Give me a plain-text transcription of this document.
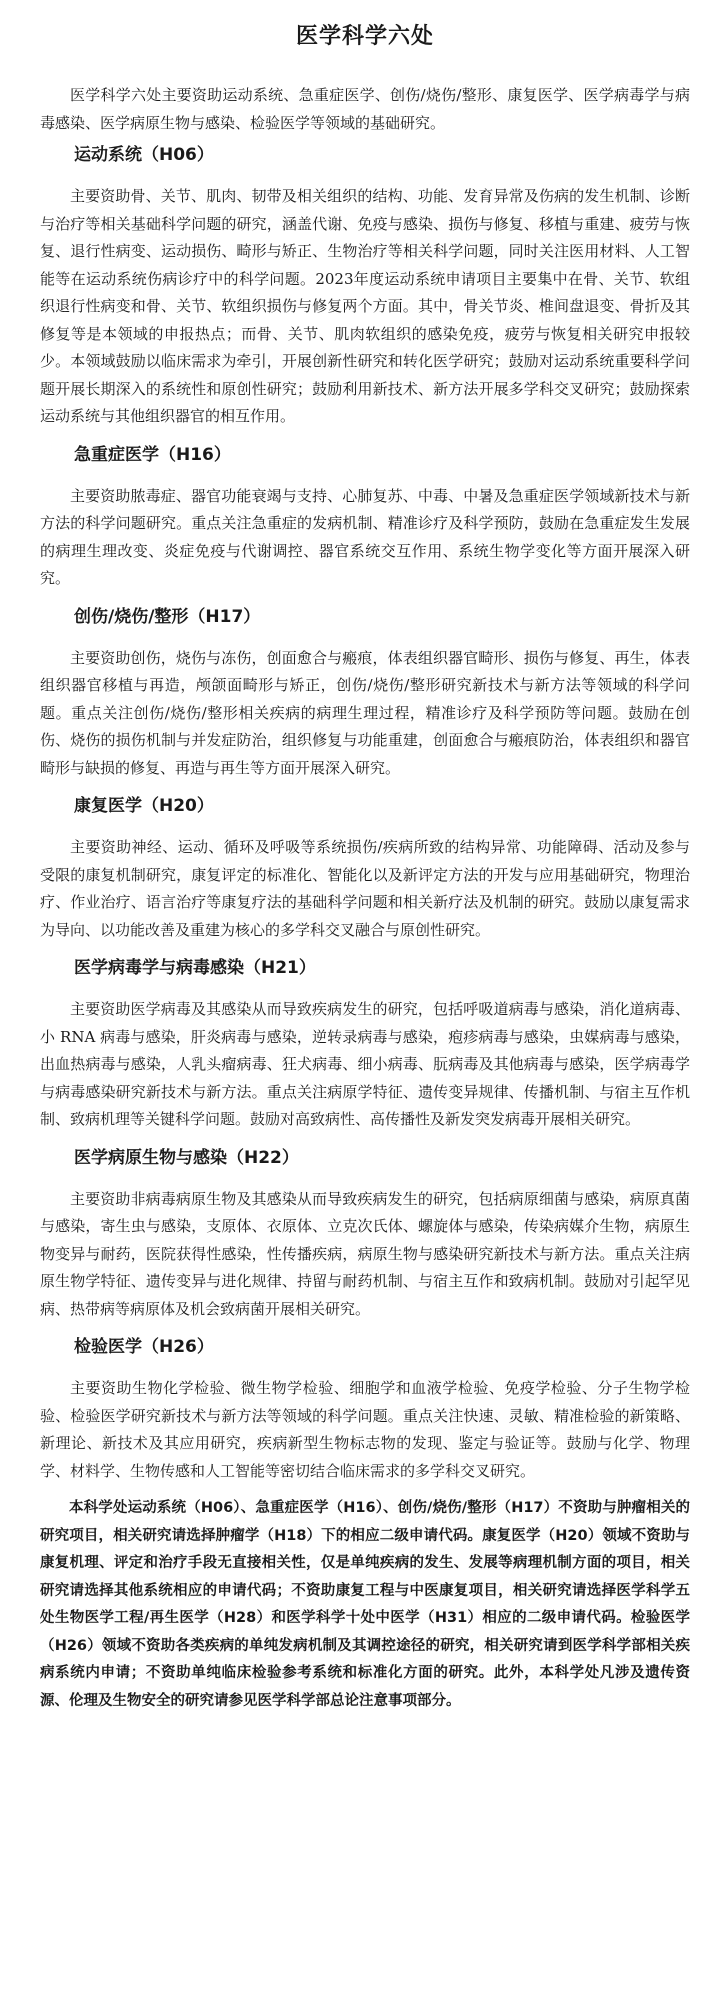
医学科学六处

医学科学六处主要资助运动系统、急重症医学、创伤/烧伤/整形、康复医学、医学病毒学与病毒感染、医学病原生物与感染、检验医学等领域的基础研究。

运动系统（H06）

主要资助骨、关节、肌肉、韧带及相关组织的结构、功能、发育异常及伤病的发生机制、诊断与治疗等相关基础科学问题的研究，涵盖代谢、免疫与感染、损伤与修复、移植与重建、疲劳与恢复、退行性病变、运动损伤、畸形与矫正、生物治疗等相关科学问题，同时关注医用材料、人工智能等在运动系统伤病诊疗中的科学问题。2023年度运动系统申请项目主要集中在骨、关节、软组织退行性病变和骨、关节、软组织损伤与修复两个方面。其中，骨关节炎、椎间盘退变、骨折及其修复等是本领域的申报热点；而骨、关节、肌肉软组织的感染免疫，疲劳与恢复相关研究申报较少。本领域鼓励以临床需求为牵引，开展创新性研究和转化医学研究；鼓励对运动系统重要科学问题开展长期深入的系统性和原创性研究；鼓励利用新技术、新方法开展多学科交叉研究；鼓励探索运动系统与其他组织器官的相互作用。

急重症医学（H16）

主要资助脓毒症、器官功能衰竭与支持、心肺复苏、中毒、中暑及急重症医学领域新技术与新方法的科学问题研究。重点关注急重症的发病机制、精准诊疗及科学预防，鼓励在急重症发生发展的病理生理改变、炎症免疫与代谢调控、器官系统交互作用、系统生物学变化等方面开展深入研究。

创伤/烧伤/整形（H17）

主要资助创伤，烧伤与冻伤，创面愈合与瘢痕，体表组织器官畸形、损伤与修复、再生，体表组织器官移植与再造，颅颌面畸形与矫正，创伤/烧伤/整形研究新技术与新方法等领域的科学问题。重点关注创伤/烧伤/整形相关疾病的病理生理过程，精准诊疗及科学预防等问题。鼓励在创伤、烧伤的损伤机制与并发症防治，组织修复与功能重建，创面愈合与瘢痕防治，体表组织和器官畸形与缺损的修复、再造与再生等方面开展深入研究。

康复医学（H20）

主要资助神经、运动、循环及呼吸等系统损伤/疾病所致的结构异常、功能障碍、活动及参与受限的康复机制研究，康复评定的标准化、智能化以及新评定方法的开发与应用基础研究，物理治疗、作业治疗、语言治疗等康复疗法的基础科学问题和相关新疗法及机制的研究。鼓励以康复需求为导向、以功能改善及重建为核心的多学科交叉融合与原创性研究。

医学病毒学与病毒感染（H21）

主要资助医学病毒及其感染从而导致疾病发生的研究，包括呼吸道病毒与感染，消化道病毒、小 RNA 病毒与感染，肝炎病毒与感染，逆转录病毒与感染，疱疹病毒与感染，虫媒病毒与感染，出血热病毒与感染，人乳头瘤病毒、狂犬病毒、细小病毒、朊病毒及其他病毒与感染，医学病毒学与病毒感染研究新技术与新方法。重点关注病原学特征、遗传变异规律、传播机制、与宿主互作机制、致病机理等关键科学问题。鼓励对高致病性、高传播性及新发突发病毒开展相关研究。

医学病原生物与感染（H22）

主要资助非病毒病原生物及其感染从而导致疾病发生的研究，包括病原细菌与感染，病原真菌与感染，寄生虫与感染，支原体、衣原体、立克次氏体、螺旋体与感染，传染病媒介生物，病原生物变异与耐药，医院获得性感染，性传播疾病，病原生物与感染研究新技术与新方法。重点关注病原生物学特征、遗传变异与进化规律、持留与耐药机制、与宿主互作和致病机制。鼓励对引起罕见病、热带病等病原体及机会致病菌开展相关研究。

检验医学（H26）

主要资助生物化学检验、微生物学检验、细胞学和血液学检验、免疫学检验、分子生物学检验、检验医学研究新技术与新方法等领域的科学问题。重点关注快速、灵敏、精准检验的新策略、新理论、新技术及其应用研究，疾病新型生物标志物的发现、鉴定与验证等。鼓励与化学、物理学、材料学、生物传感和人工智能等密切结合临床需求的多学科交叉研究。

本科学处运动系统（H06）、急重症医学（H16）、创伤/烧伤/整形（H17）不资助与肿瘤相关的研究项目，相关研究请选择肿瘤学（H18）下的相应二级申请代码。康复医学（H20）领域不资助与康复机理、评定和治疗手段无直接相关性，仅是单纯疾病的发生、发展等病理机制方面的项目，相关研究请选择其他系统相应的申请代码；不资助康复工程与中医康复项目，相关研究请选择医学科学五处生物医学工程/再生医学（H28）和医学科学十处中医学（H31）相应的二级申请代码。检验医学（H26）领域不资助各类疾病的单纯发病机制及其调控途径的研究，相关研究请到医学科学部相关疾病系统内申请；不资助单纯临床检验参考系统和标准化方面的研究。此外，本科学处凡涉及遗传资源、伦理及生物安全的研究请参见医学科学部总论注意事项部分。
